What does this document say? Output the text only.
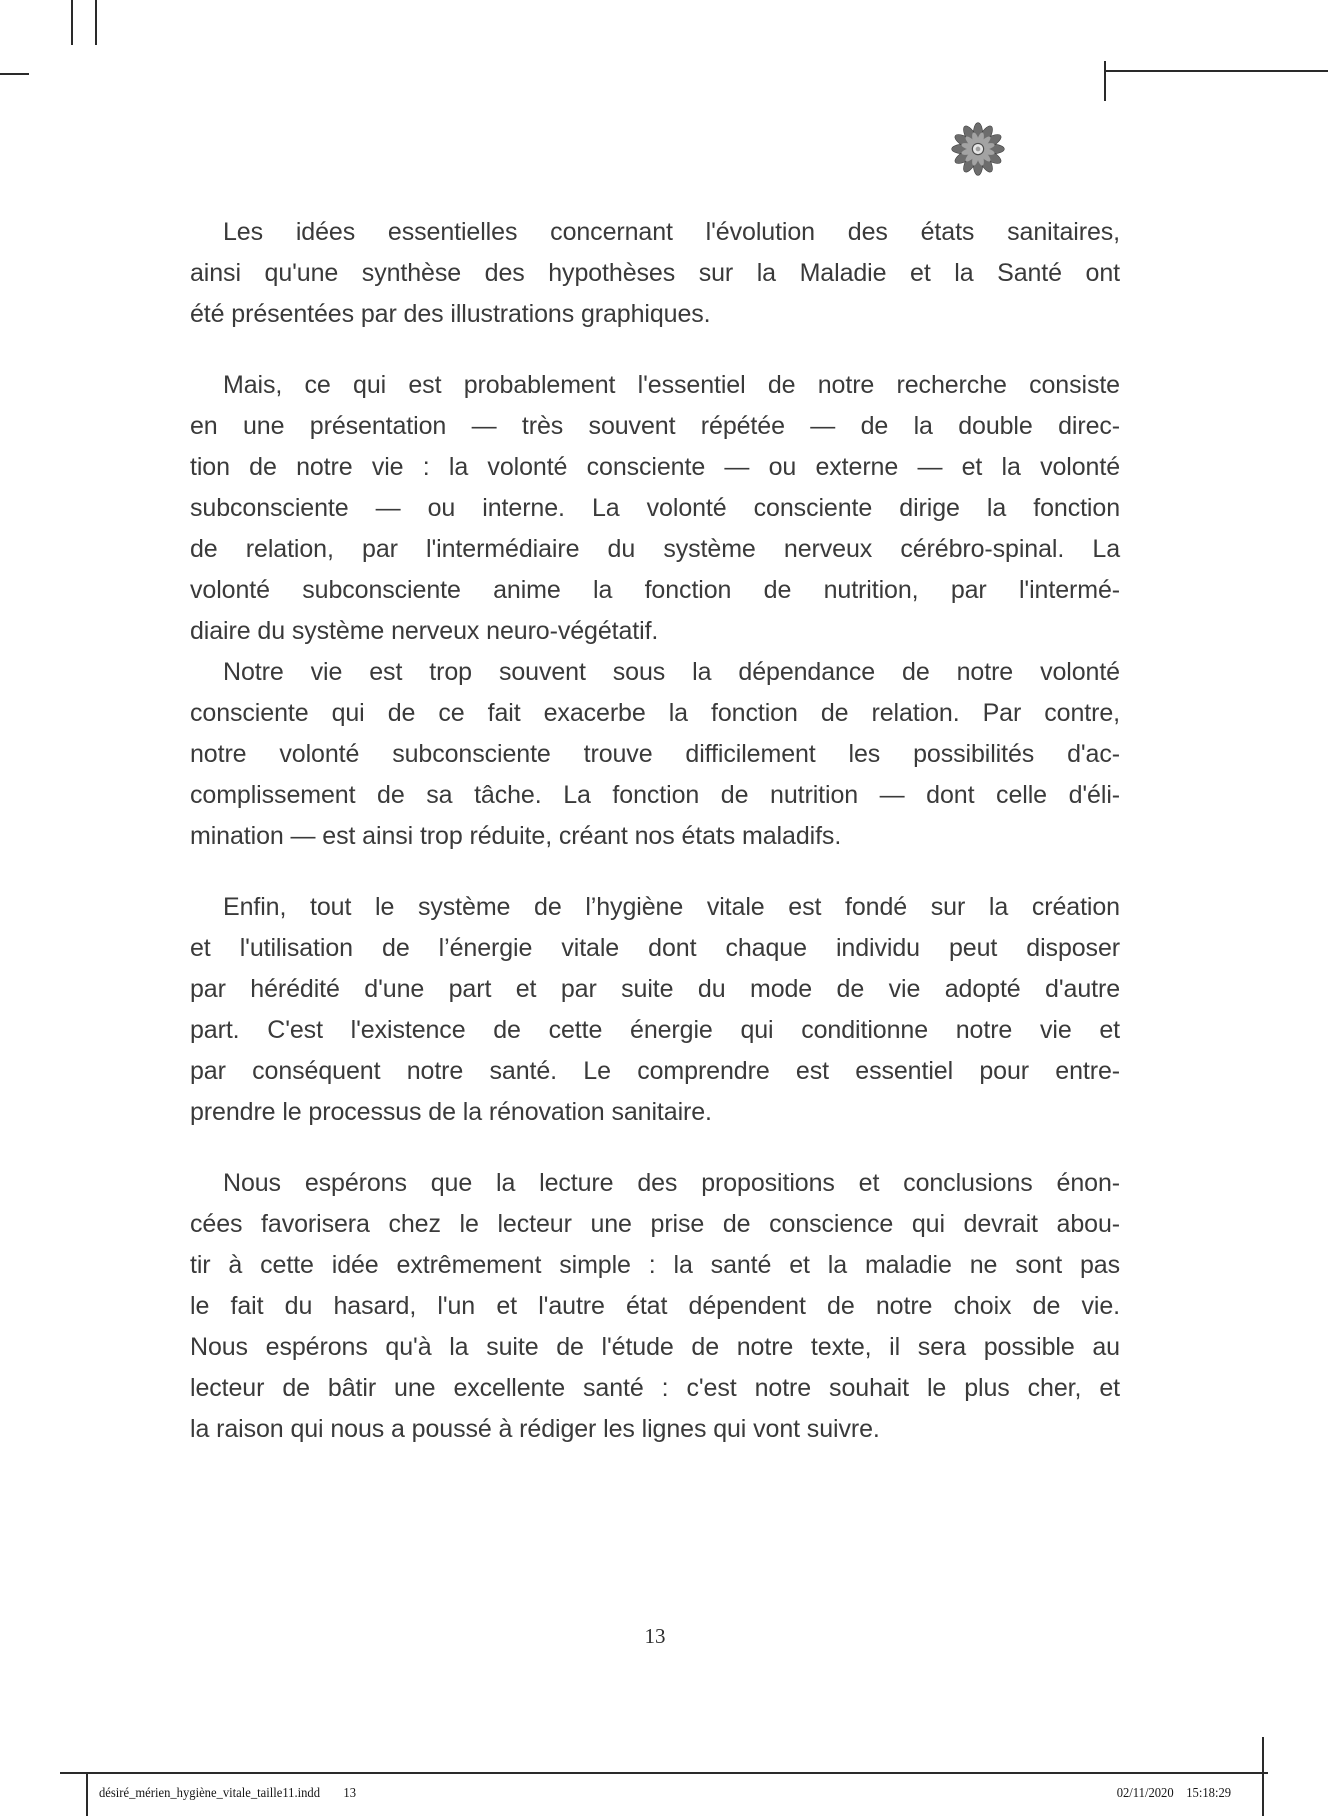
Les idées essentielles concernant l'évolution des états sanitaires,
ainsi qu'une synthèse des hypothèses sur la Maladie et la Santé ont
été présentées par des illustrations graphiques.
Mais, ce qui est probablement l'essentiel de notre recherche consiste
en une présentation — très souvent répétée — de la double direc-
tion de notre vie : la volonté consciente — ou externe — et la volonté
subconsciente — ou interne. La volonté consciente dirige la fonction
de relation, par l'intermédiaire du système nerveux cérébro-spinal. La
volonté subconsciente anime la fonction de nutrition, par l'intermé-
diaire du système nerveux neuro-végétatif.
Notre vie est trop souvent sous la dépendance de notre volonté
consciente qui de ce fait exacerbe la fonction de relation. Par contre,
notre volonté subconsciente trouve difficilement les possibilités d'ac-
complissement de sa tâche. La fonction de nutrition — dont celle d'éli-
mination — est ainsi trop réduite, créant nos états maladifs.
Enfin, tout le système de l’hygiène vitale est fondé sur la création
et l'utilisation de l’énergie vitale dont chaque individu peut disposer
par hérédité d'une part et par suite du mode de vie adopté d'autre
part. C'est l'existence de cette énergie qui conditionne notre vie et
par conséquent notre santé. Le comprendre est essentiel pour entre-
prendre le processus de la rénovation sanitaire.
Nous espérons que la lecture des propositions et conclusions énon-
cées favorisera chez le lecteur une prise de conscience qui devrait abou-
tir à cette idée extrêmement simple : la santé et la maladie ne sont pas
le fait du hasard, l'un et l'autre état dépendent de notre choix de vie.
Nous espérons qu'à la suite de l'étude de notre texte, il sera possible au
lecteur de bâtir une excellente santé : c'est notre souhait le plus cher, et
la raison qui nous a poussé à rédiger les lignes qui vont suivre.
13
désiré_mérien_hygiène_vitale_taille11.indd 13	02/11/2020 15:18:29
